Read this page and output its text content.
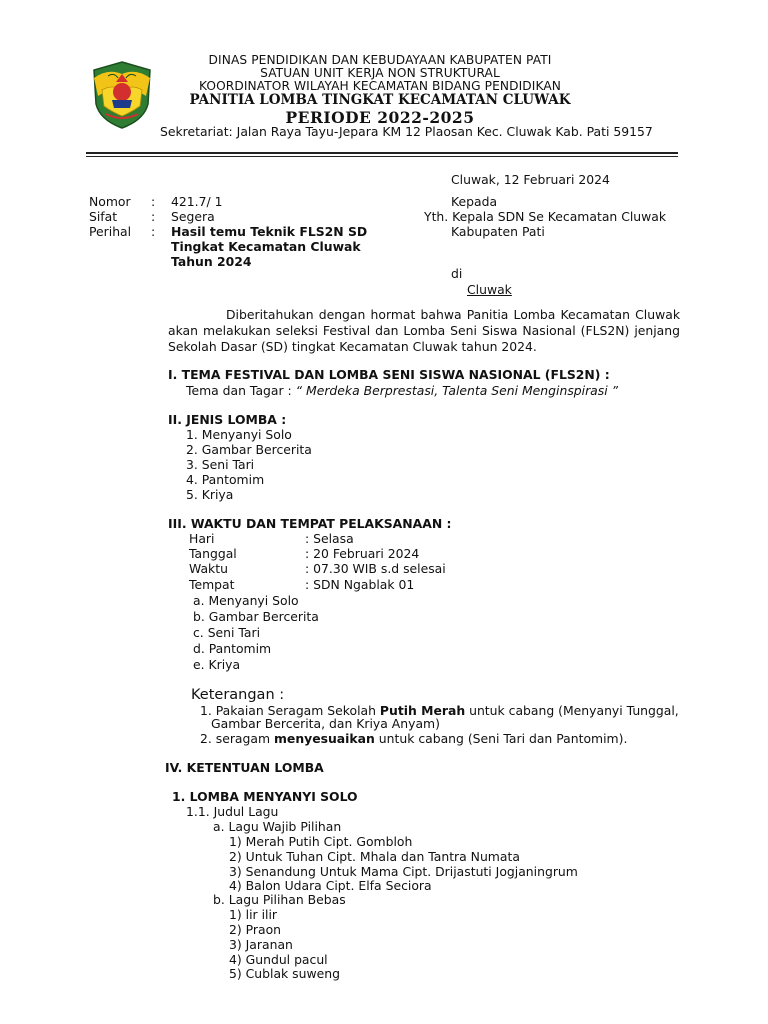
DINAS PENDIDIKAN DAN KEBUDAYAAN KABUPATEN PATI
SATUAN UNIT KERJA NON STRUKTURAL
KOORDINATOR WILAYAH KECAMATAN BIDANG PENDIDIKAN
PANITIA LOMBA TINGKAT KECAMATAN CLUWAK
PERIODE 2022-2025
Sekretariat: Jalan Raya Tayu-Jepara KM 12 Plaosan Kec. Cluwak Kab. Pati 59157
Cluwak, 12 Februari 2024
Nomor : 421.7/ 1
Sifat	: Segera
Perihal : Hasil temu Teknik FLS2N SD
Tingkat Kecamatan Cluwak
Tahun 2024
Kepada
Yth. Kepala SDN Se Kecamatan Cluwak
Kabupaten Pati
di
Cluwak
Diberitahukan dengan hormat bahwa Panitia Lomba Kecamatan Cluwak akan melakukan seleksi Festival dan Lomba Seni Siswa Nasional (FLS2N) jenjang Sekolah Dasar (SD) tingkat Kecamatan Cluwak tahun 2024.
I. TEMA FESTIVAL DAN LOMBA SENI SISWA NASIONAL (FLS2N) :
Tema dan Tagar : “ Merdeka Berprestasi, Talenta Seni Menginspirasi ”
II. JENIS LOMBA :
1. Menyanyi Solo
2. Gambar Bercerita
3. Seni Tari
4. Pantomim
5. Kriya
III. WAKTU DAN TEMPAT PELAKSANAAN :
Hari	: Selasa
Tanggal	: 20 Februari 2024
Waktu	: 07.30 WIB s.d selesai
Tempat	: SDN Ngablak 01
a. Menyanyi Solo
b. Gambar Bercerita
c. Seni Tari
d. Pantomim
e. Kriya
Keterangan :
1. Pakaian Seragam Sekolah Putih Merah untuk cabang (Menyanyi Tunggal,
Gambar Bercerita, dan Kriya Anyam)
2. seragam menyesuaikan untuk cabang (Seni Tari dan Pantomim).
IV. KETENTUAN LOMBA
1. LOMBA MENYANYI SOLO
1.1. Judul Lagu
a. Lagu Wajib Pilihan
1) Merah Putih Cipt. Gombloh
2) Untuk Tuhan Cipt. Mhala dan Tantra Numata
3) Senandung Untuk Mama Cipt. Drijastuti Jogjaningrum
4) Balon Udara Cipt. Elfa Seciora
b. Lagu Pilihan Bebas
1) lir ilir
2) Praon
3) Jaranan
4) Gundul pacul
5) Cublak suweng
